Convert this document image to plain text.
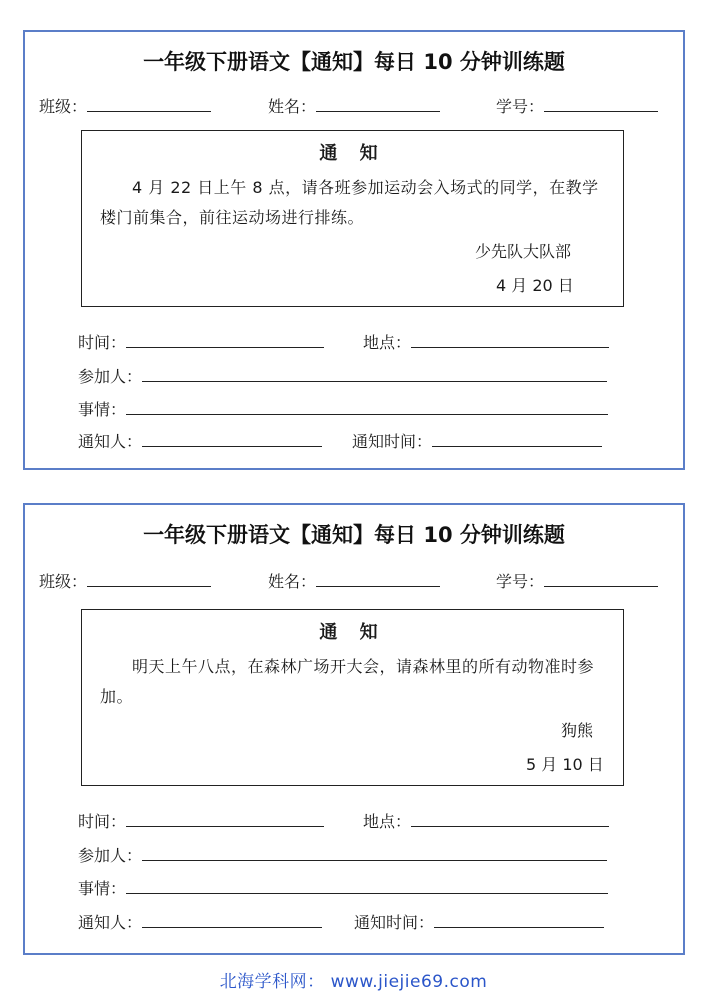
一年级下册语文【通知】每日 10 分钟训练题
班级：	姓名：	学号：
通 知
4 月 22 日上午 8 点，请各班参加运动会入场式的同学，在教学楼门前集合，前往运动场进行排练。
少先队大队部
4 月 20 日
时间：	地点：
参加人：
事情：
通知人：	通知时间：
一年级下册语文【通知】每日 10 分钟训练题
班级：	姓名：	学号：
通 知
明天上午八点，在森林广场开大会，请森林里的所有动物准时参加。
狗熊
5 月 10 日
时间：	地点：
参加人：
事情：
通知人：	通知时间：
北海学科网： www.jiejie69.com
